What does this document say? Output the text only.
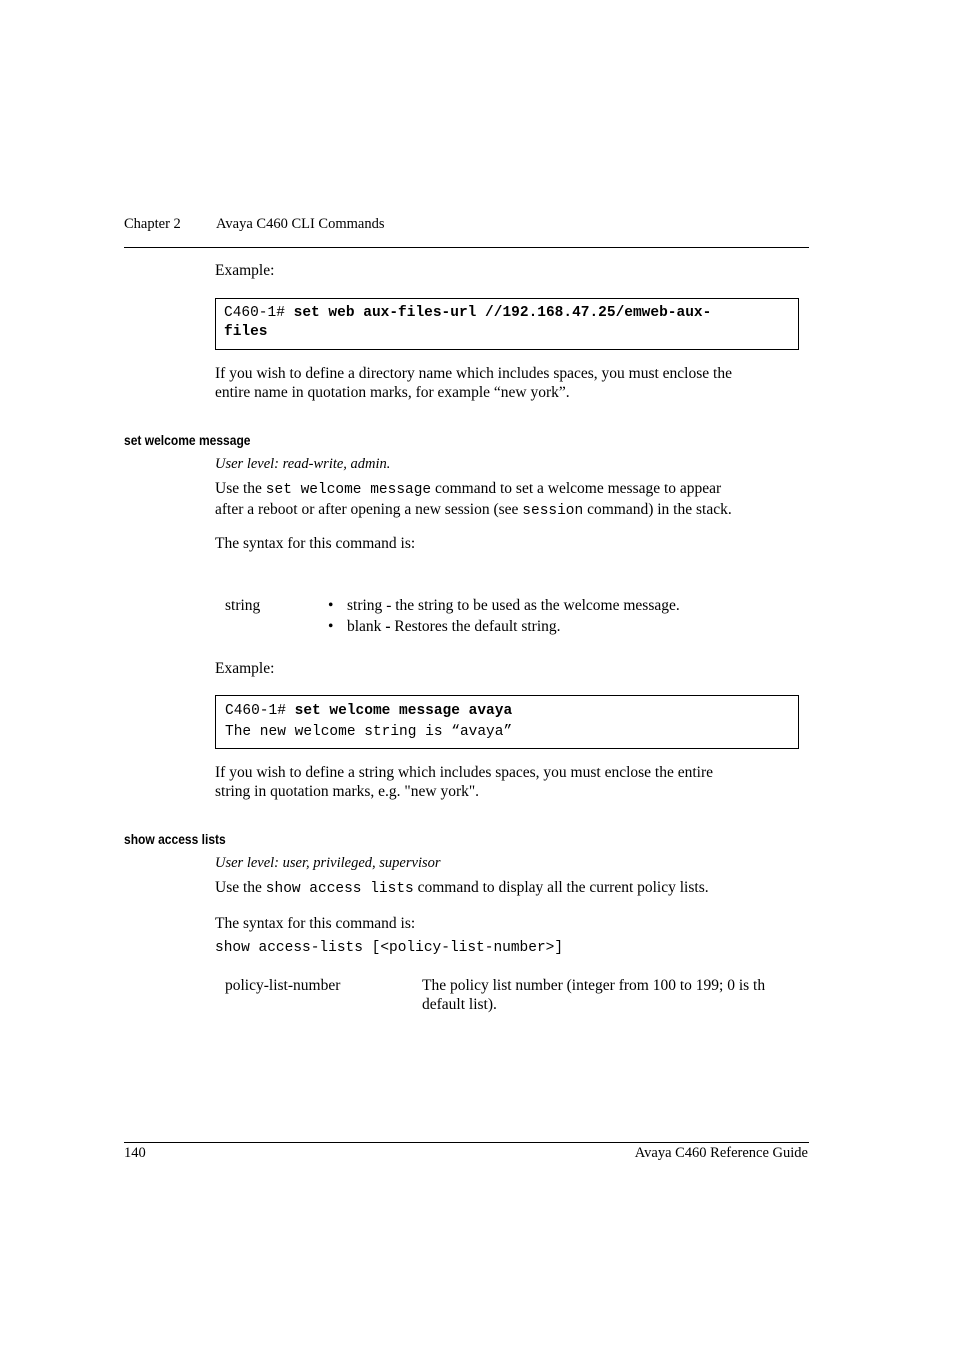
Chapter 2 Avaya C460 CLI Commands
Example:
C460-1# set web aux-files-url //192.168.47.25/emweb-aux-
files
If you wish to define a directory name which includes spaces, you must enclose the
entire name in quotation marks, for example “new york”.
set welcome message
User level: read-write, admin.
Use the set welcome message command to set a welcome message to appear
after a reboot or after opening a new session (see session command) in the stack.
The syntax for this command is:
string
•	string - the string to be used as the welcome message.
• blank - Restores the default string.
Example:
C460-1# set welcome message avaya
The new welcome string is “avaya”
If you wish to define a string which includes spaces, you must enclose the entire
string in quotation marks, e.g. "new york".
show access lists
User level: user, privileged, supervisor
Use the show access lists command to display all the current policy lists.
The syntax for this command is:
show access-lists [<policy-list-number>]
policy-list-number	The policy list number (integer from 100 to 199; 0 is th
default list).
140	Avaya C460 Reference Guide
